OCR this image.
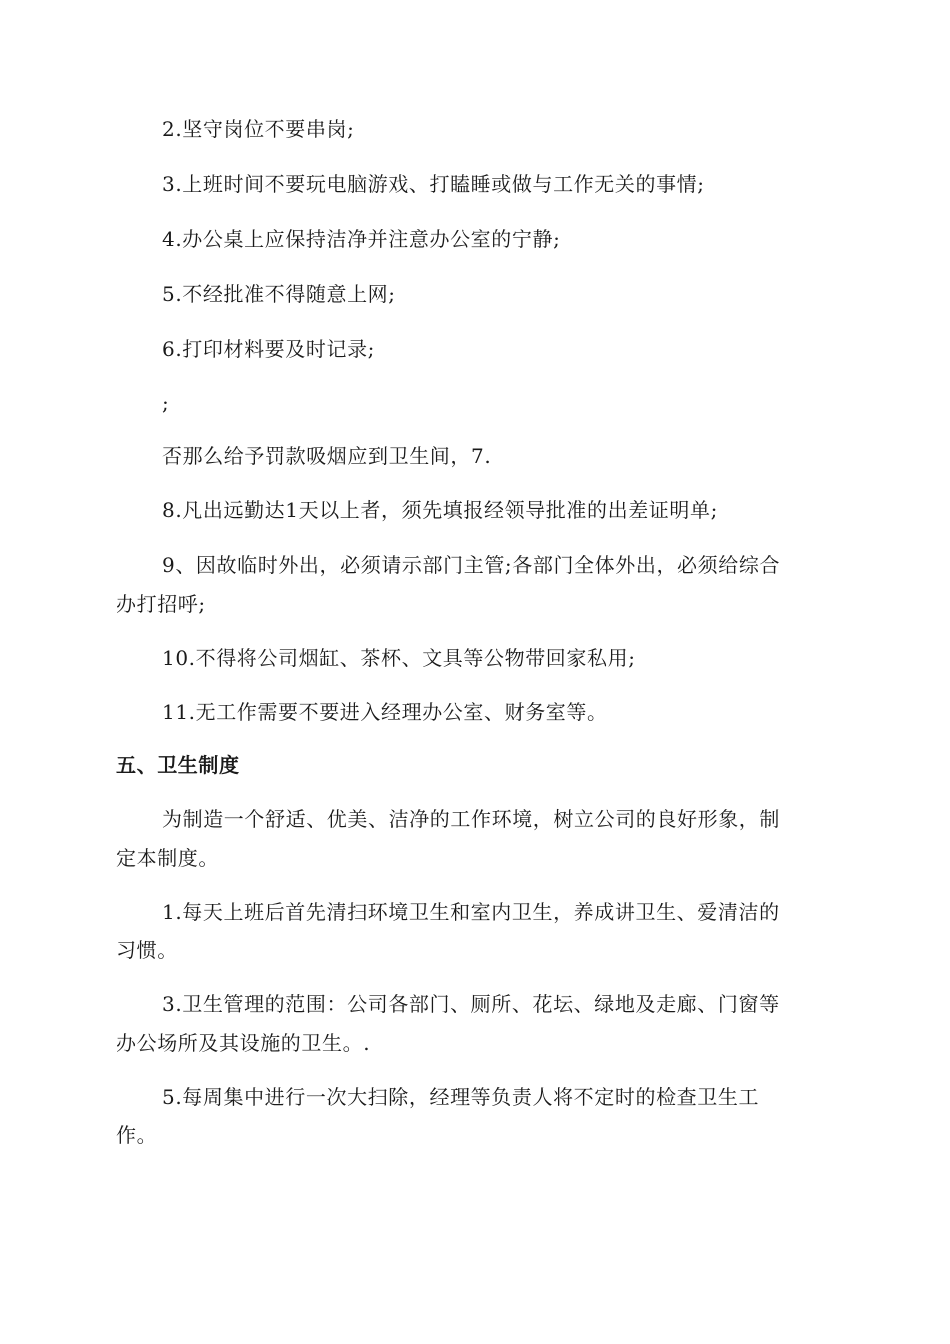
2.坚守岗位不要串岗;
3.上班时间不要玩电脑游戏、打瞌睡或做与工作无关的事情;
4.办公桌上应保持洁净并注意办公室的宁静;
5.不经批准不得随意上网;
6.打印材料要及时记录;
;
否那么给予罚款吸烟应到卫生间，7.
8.凡出远勤达1天以上者，须先填报经领导批准的出差证明单;
9、因故临时外出，必须请示部门主管;各部门全体外出，必须给综合
办打招呼;
10.不得将公司烟缸、茶杯、文具等公物带回家私用;
11.无工作需要不要进入经理办公室、财务室等。
五、卫生制度
为制造一个舒适、优美、洁净的工作环境，树立公司的良好形象，制
定本制度。
1.每天上班后首先清扫环境卫生和室内卫生，养成讲卫生、爱清洁的
习惯。
3.卫生管理的范围：公司各部门、厕所、花坛、绿地及走廊、门窗等
办公场所及其设施的卫生。.
5.每周集中进行一次大扫除，经理等负责人将不定时的检查卫生工
作。
